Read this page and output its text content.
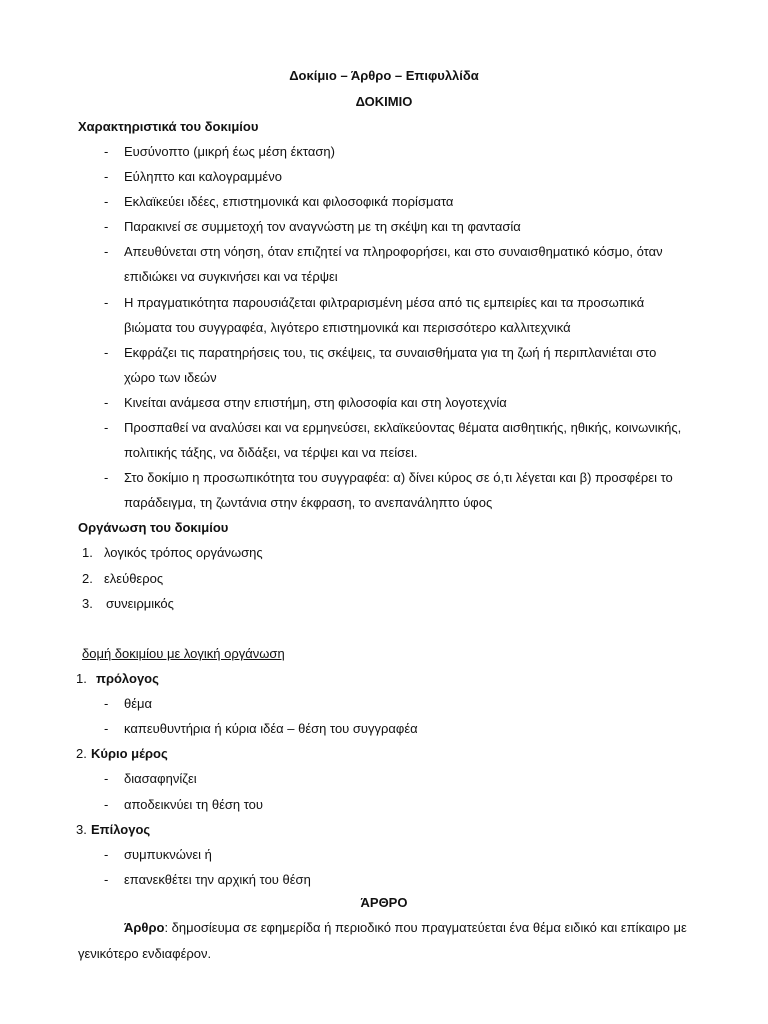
Δοκίμιο – Άρθρο – Επιφυλλίδα
ΔΟΚΙΜΙΟ
Χαρακτηριστικά του δοκιμίου
- Ευσύνοπτο (μικρή έως μέση έκταση)
- Εύληπτο και καλογραμμένο
- Εκλαϊκεύει ιδέες, επιστημονικά και φιλοσοφικά πορίσματα
- Παρακινεί σε συμμετοχή τον αναγνώστη με τη σκέψη και τη φαντασία
- Απευθύνεται στη νόηση, όταν επιζητεί να πληροφορήσει, και στο συναισθηματικό κόσμο, όταν
επιδιώκει να συγκινήσει και να τέρψει
- Η πραγματικότητα παρουσιάζεται φιλτραρισμένη μέσα από τις εμπειρίες και τα προσωπικά
βιώματα του συγγραφέα, λιγότερο επιστημονικά και περισσότερο καλλιτεχνικά
- Εκφράζει τις παρατηρήσεις του, τις σκέψεις, τα συναισθήματα για τη ζωή ή περιπλανιέται στο
χώρο των ιδεών
- Κινείται ανάμεσα στην επιστήμη, στη φιλοσοφία και στη λογοτεχνία
- Προσπαθεί να αναλύσει και να ερμηνεύσει, εκλαϊκεύοντας θέματα αισθητικής, ηθικής, κοινωνικής,
πολιτικής τάξης, να διδάξει, να τέρψει και να πείσει.
- Στο δοκίμιο η προσωπικότητα του συγγραφέα: α) δίνει κύρος σε ό,τι λέγεται και β) προσφέρει το
παράδειγμα, τη ζωντάνια στην έκφραση, το ανεπανάληπτο ύφος
Οργάνωση του δοκιμίου
1. λογικός τρόπος οργάνωσης
2. ελεύθερος
3. συνειρμικός
δομή δοκιμίου με λογική οργάνωση
1. πρόλογος
- θέμα
- καπευθυντήρια ή κύρια ιδέα – θέση του συγγραφέα
2. Κύριο μέρος
- διασαφηνίζει
- αποδεικνύει τη θέση του
3. Επίλογος
- συμπυκνώνει ή
- επανεκθέτει την αρχική του θέση
ΆΡΘΡΟ
Άρθρο: δημοσίευμα σε εφημερίδα ή περιοδικό που πραγματεύεται ένα θέμα ειδικό και επίκαιρο με
γενικότερο ενδιαφέρον.
